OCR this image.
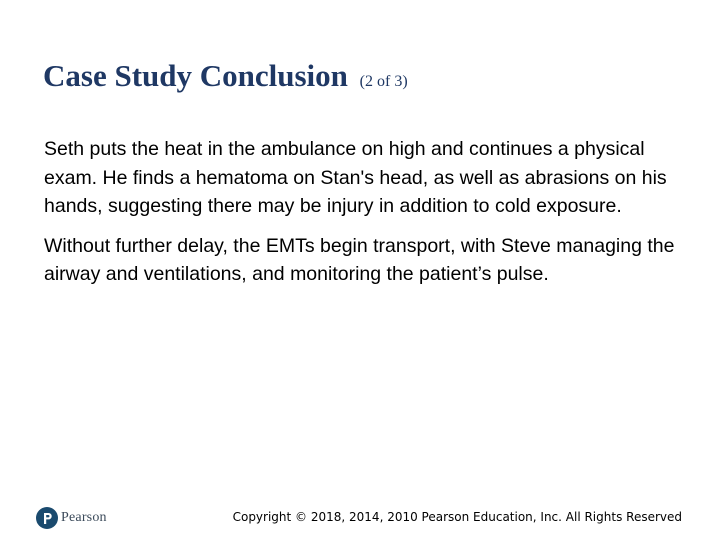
Case Study Conclusion (2 of 3)

Seth puts the heat in the ambulance on high and continues a physical exam. He finds a hematoma on Stan's head, as well as abrasions on his hands, suggesting there may be injury in addition to cold exposure.

Without further delay, the EMTs begin transport, with Steve managing the airway and ventilations, and monitoring the patient’s pulse.

Pearson	Copyright © 2018, 2014, 2010 Pearson Education, Inc. All Rights Reserved
